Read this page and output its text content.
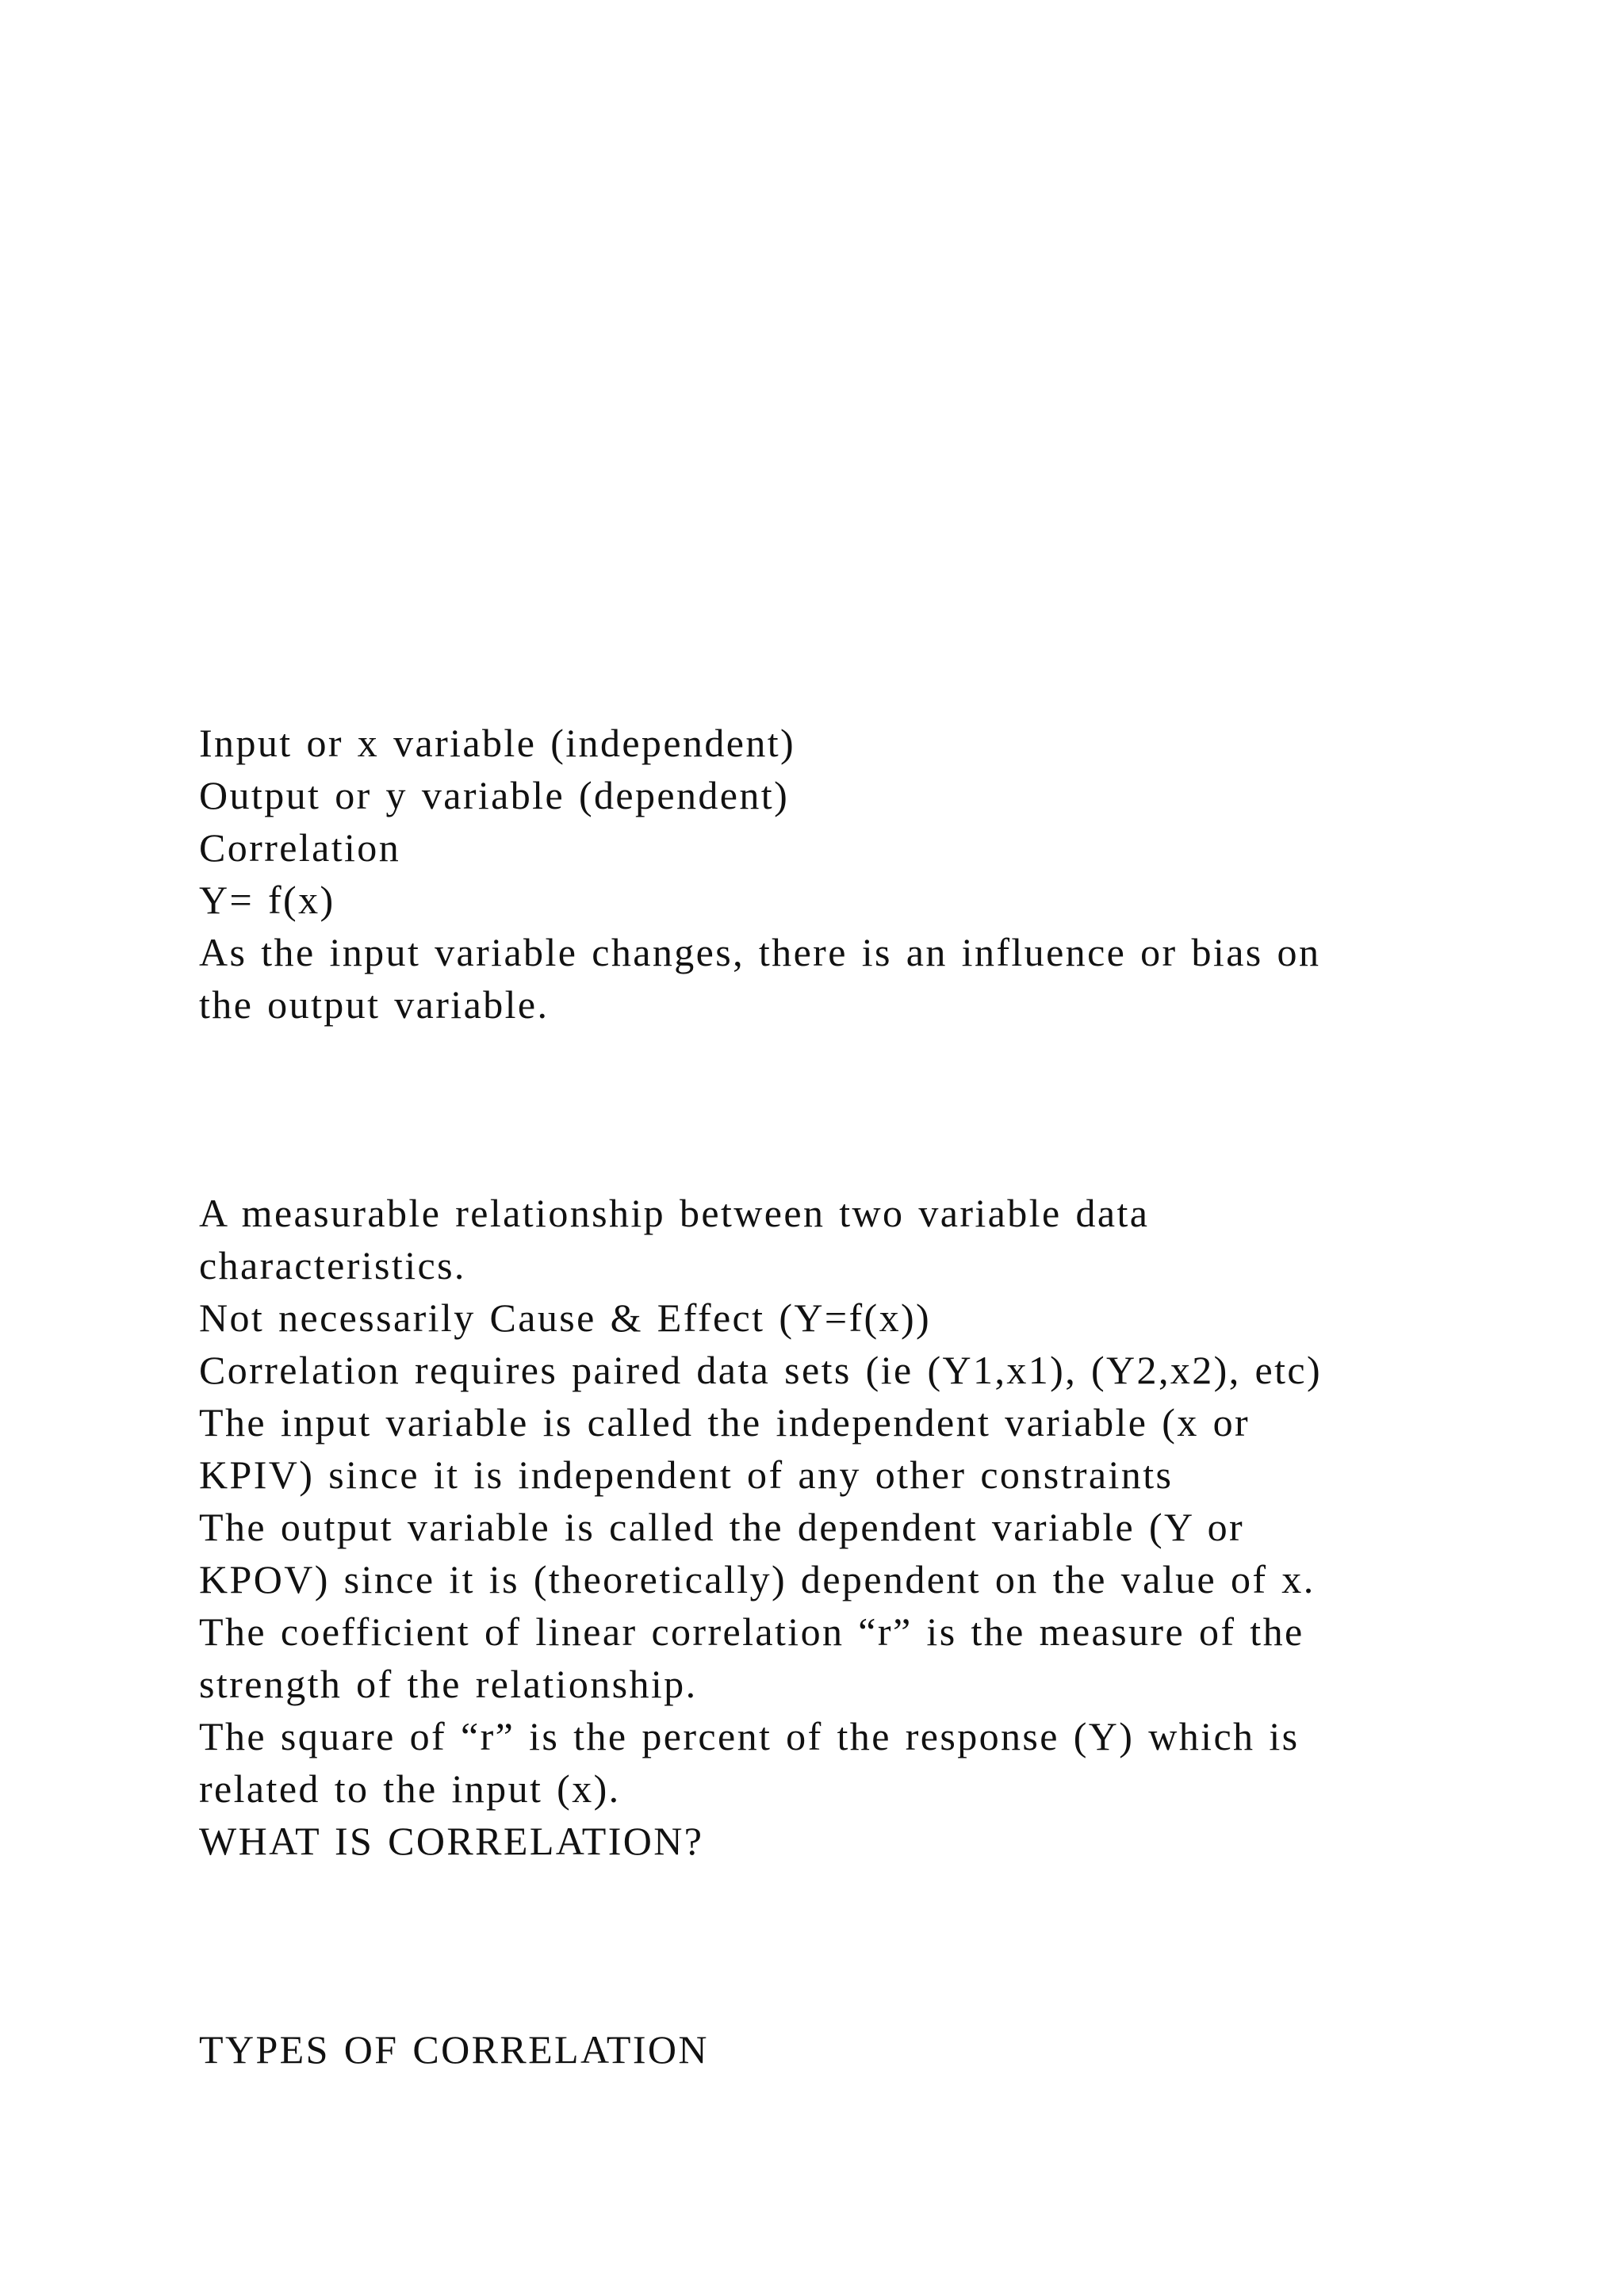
Input or x variable (independent)
Output or y variable (dependent)
Correlation
Y= f(x)
As the input variable changes, there is an influence or bias on
the output variable.
A measurable relationship between two variable data
characteristics.
Not necessarily Cause & Effect (Y=f(x))
Correlation requires paired data sets (ie (Y1,x1), (Y2,x2), etc)
The input variable is called the independent variable (x or
KPIV) since it is independent of any other constraints
The output variable is called the dependent variable (Y or
KPOV) since it is (theoretically) dependent on the value of x.
The coefficient of linear correlation “r” is the measure of the
strength of the relationship.
The square of “r” is the percent of the response (Y) which is
related to the input (x).
WHAT IS CORRELATION?
TYPES OF CORRELATION
